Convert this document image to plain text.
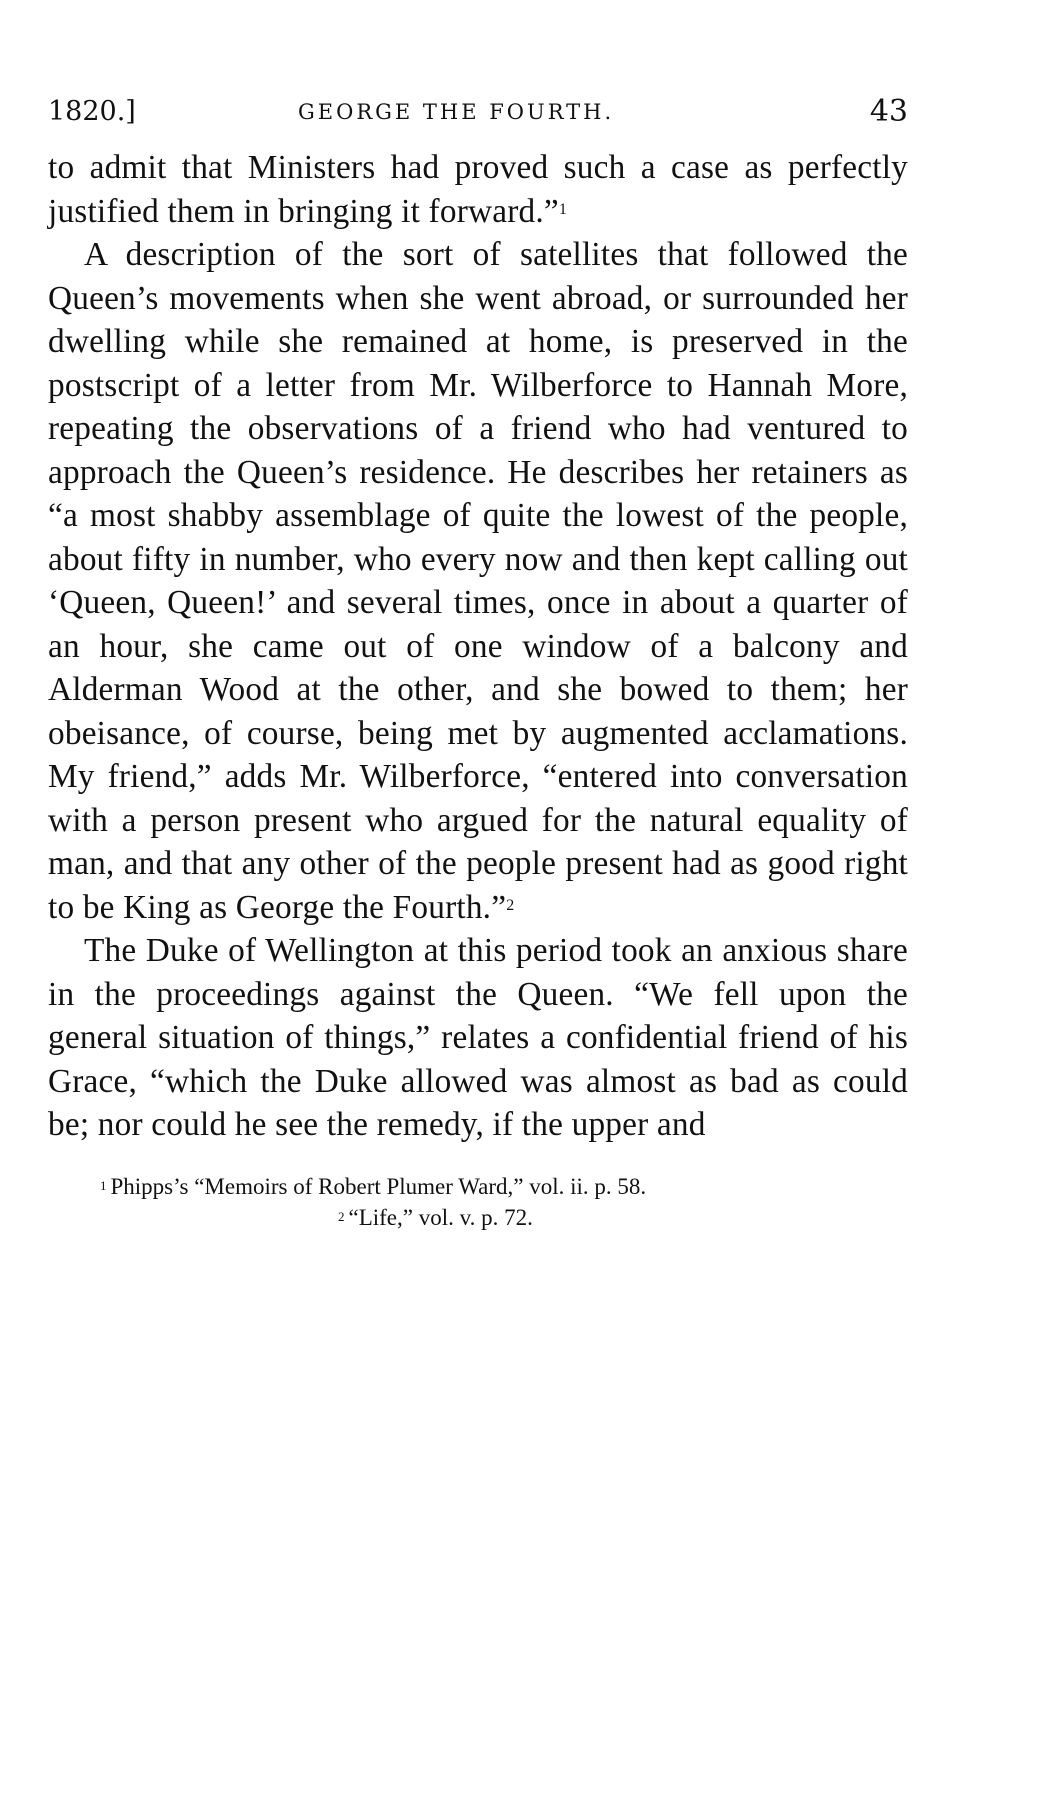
1820.]	GEORGE THE FOURTH.	43

to admit that Ministers had proved such a case as perfectly justified them in bringing it forward.”$^1$

A description of the sort of satellites that followed the Queen’s movements when she went abroad, or surrounded her dwelling while she remained at home, is preserved in the postscript of a letter from Mr. Wilberforce to Hannah More, repeating the observations of a friend who had ventured to approach the Queen’s residence. He describes her retainers as “a most shabby assemblage of quite the lowest of the people, about fifty in number, who every now and then kept calling out ‘Queen, Queen!’ and several times, once in about a quarter of an hour, she came out of one window of a balcony and Alderman Wood at the other, and she bowed to them; her obeisance, of course, being met by augmented acclamations. My friend,” adds Mr. Wilberforce, “entered into conversation with a person present who argued for the natural equality of man, and that any other of the people present had as good right to be King as George the Fourth.”$^2$

The Duke of Wellington at this period took an anxious share in the proceedings against the Queen. “We fell upon the general situation of things,” relates a confidential friend of his Grace, “which the Duke allowed was almost as bad as could be; nor could he see the remedy, if the upper and

$^1$ Phipps’s “Memoirs of Robert Plumer Ward,” vol. ii. p. 58.

$^2$ “Life,” vol. v. p. 72.
